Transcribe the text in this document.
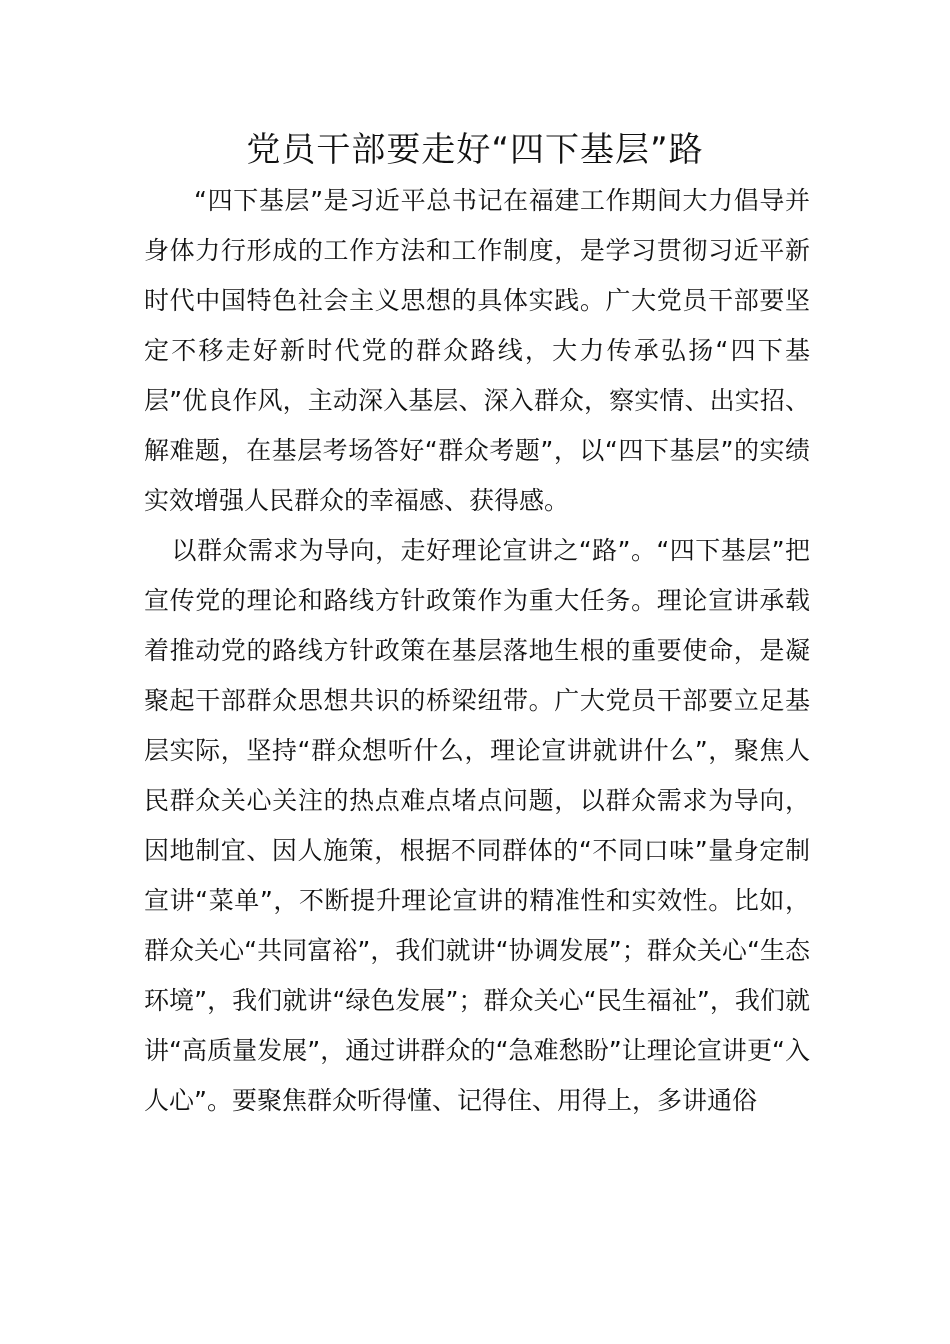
党员干部要走好“四下基层”路

“四下基层”是习近平总书记在福建工作期间大力倡导并身体力行形成的工作方法和工作制度，是学习贯彻习近平新时代中国特色社会主义思想的具体实践。广大党员干部要坚定不移走好新时代党的群众路线，大力传承弘扬“四下基层”优良作风，主动深入基层、深入群众，察实情、出实招、解难题，在基层考场答好“群众考题”，以“四下基层”的实绩实效增强人民群众的幸福感、获得感。

以群众需求为导向，走好理论宣讲之“路”。“四下基层”把宣传党的理论和路线方针政策作为重大任务。理论宣讲承载着推动党的路线方针政策在基层落地生根的重要使命，是凝聚起干部群众思想共识的桥梁纽带。广大党员干部要立足基层实际，坚持“群众想听什么，理论宣讲就讲什么”，聚焦人民群众关心关注的热点难点堵点问题，以群众需求为导向，因地制宜、因人施策，根据不同群体的“不同口味”量身定制宣讲“菜单”，不断提升理论宣讲的精准性和实效性。比如，群众关心“共同富裕”，我们就讲“协调发展”；群众关心“生态环境”，我们就讲“绿色发展”；群众关心“民生福祉”，我们就讲“高质量发展”，通过讲群众的“急难愁盼”让理论宣讲更“入人心”。要聚焦群众听得懂、记得住、用得上，多讲通俗
